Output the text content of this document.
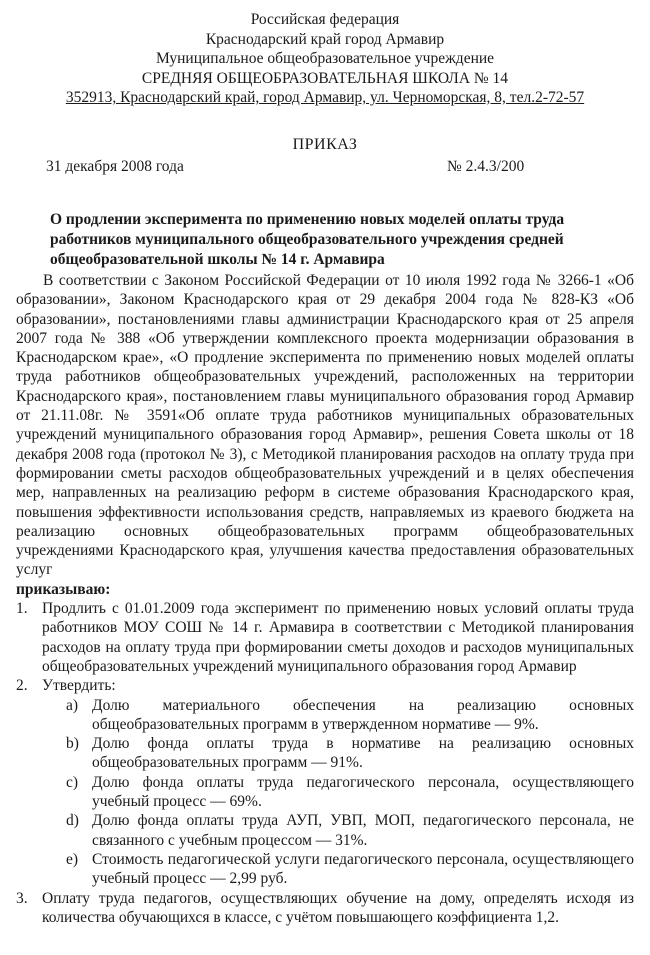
Российская федерация
Краснодарский край город Армавир
Муниципальное общеобразовательное учреждение
СРЕДНЯЯ ОБЩЕОБРАЗОВАТЕЛЬНАЯ ШКОЛА № 14
352913, Краснодарский край, город Армавир, ул. Черноморская, 8, тел.2-72-57
ПРИКАЗ
31 декабря 2008 года	№ 2.4.3/200
О продлении эксперимента по применению новых моделей оплаты труда работников муниципального общеобразовательного учреждения средней общеобразовательной школы № 14 г. Армавира

В соответствии с Законом Российской Федерации от 10 июля 1992 года № 3266-1 «Об образовании», Законом Краснодарского края от 29 декабря 2004 года № 828-КЗ «Об образовании», постановлениями главы администрации Краснодарского края от 25 апреля 2007 года № 388 «Об утверждении комплексного проекта модернизации образования в Краснодарском крае», «О продление эксперимента по применению новых моделей оплаты труда работников общеобразовательных учреждений, расположенных на территории Краснодарского края», постановлением главы муниципального образования город Армавир от 21.11.08г. № 3591«Об оплате труда работников муниципальных образовательных учреждений муниципального образования город Армавир», решения Совета школы от 18 декабря 2008 года (протокол № 3), с Методикой планирования расходов на оплату труда при формировании сметы расходов общеобразовательных учреждений и в целях обеспечения мер, направленных на реализацию реформ в системе образования Краснодарского края, повышения эффективности использования средств, направляемых из краевого бюджета на реализацию основных общеобразовательных программ общеобразовательных учреждениями Краснодарского края, улучшения качества предоставления образовательных услуг

приказываю:

1. Продлить с 01.01.2009 года эксперимент по применению новых условий оплаты труда работников МОУ СОШ № 14 г. Армавира в соответствии с Методикой планирования расходов на оплату труда при формировании сметы доходов и расходов муниципальных общеобразовательных учреждений муниципального образования город Армавир
2. Утвердить:
a) Долю материального обеспечения на реализацию основных общеобразовательных программ в утвержденном нормативе — 9%.
b) Долю фонда оплаты труда в нормативе на реализацию основных общеобразовательных программ — 91%.
c) Долю фонда оплаты труда педагогического персонала, осуществляющего учебный процесс — 69%.
d) Долю фонда оплаты труда АУП, УВП, МОП, педагогического персонала, не связанного с учебным процессом — 31%.
e) Стоимость педагогической услуги педагогического персонала, осуществляющего учебный процесс — 2,99 руб.
3. Оплату труда педагогов, осуществляющих обучение на дому, определять исходя из количества обучающихся в классе, с учётом повышающего коэффициента 1,2.
